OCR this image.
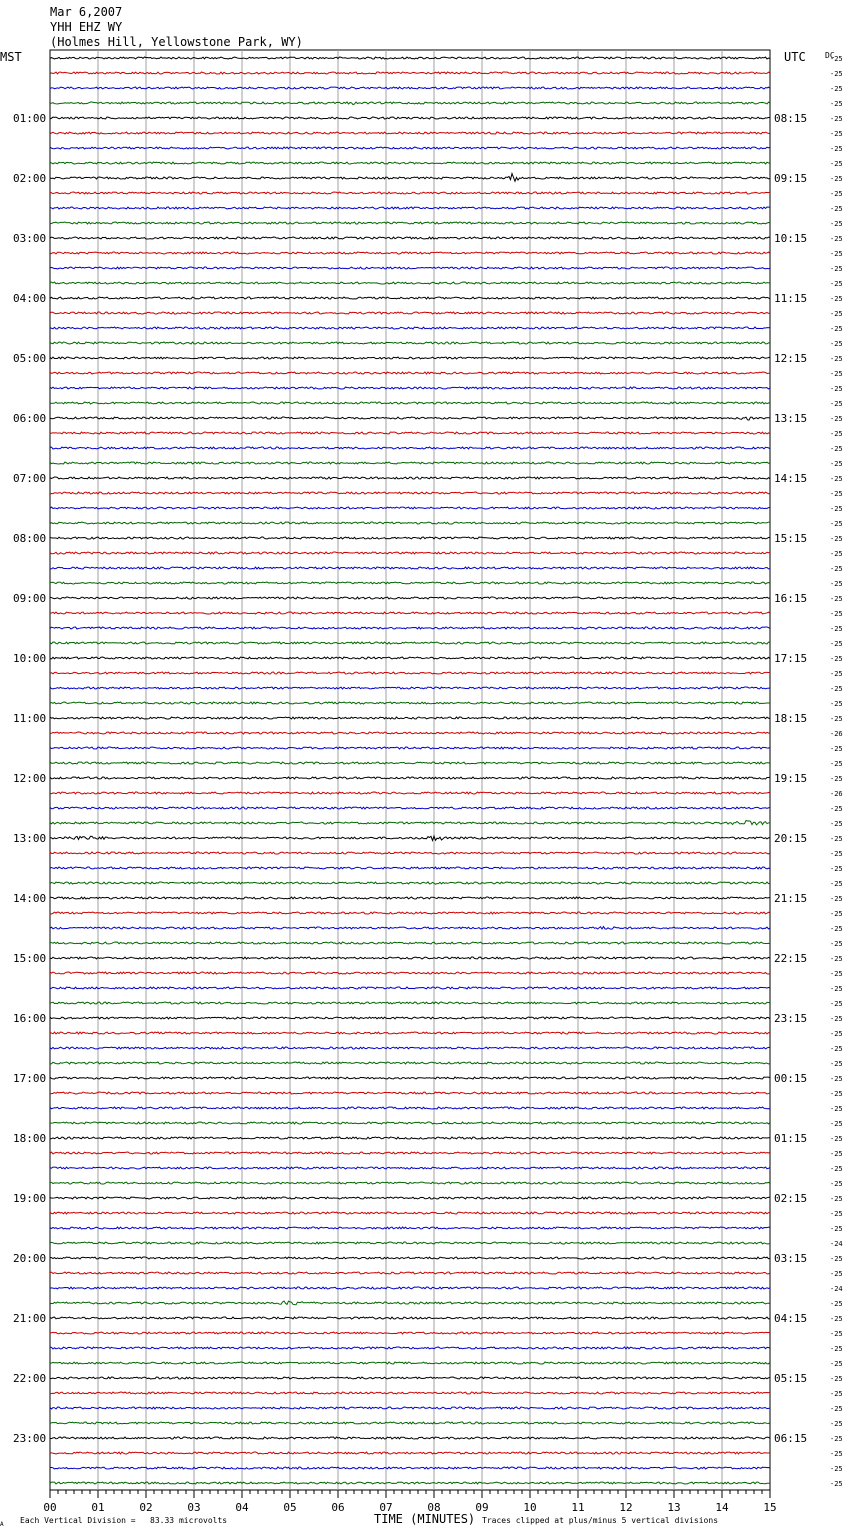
Mar 6,2007
YHH EHZ WY
(Holmes Hill, Yellowstone Park, WY)
MST	UTC DC
01:00
02:00
03:00
04:00
05:00
06:00
07:00
08:00
09:00
10:00
11:00
12:00
13:00
14:00
15:00
16:00
17:00
18:00
19:00
20:00
21:00
22:00
23:00
08:15
09:15
10:15
11:15
12:15
13:15
14:15
15:15
16:15
17:15
18:15
19:15
20:15
21:15
22:15
23:15
00:15
01:15
02:15
03:15
04:15
05:15
06:15
-25
-25
-25
-25
-25
-25
-25
-25
-25
-25
-25
-25
-25
-25
-25
-25
-25
-25
-25
-25
-25
-25
-25
-25
-25
-25
-25
-25
-25
-25
-25
-25
-25
-25
-25
-25
-25
-25
-25
-25
-25
-25
-25
-25
-25
-26
-25
-25
-25
-26
-25
-25
-25
-25
-25
-25
-25
-25
-25
-25
-25
-25
-25
-25
-25
-25
-25
-25
-25
-25
-25
-25
-25
-25
-25
-25
-25
-25
-25
-24
-25
-25
-24
-25
-25
-25
-25
-25
-25
-25
-25
-25
-25
-25
-25
-25
00	01	02	03	04	05	06	07	08	09	10	11	12	13	14	15
A Each Vertical Division =   83.33 microvolts	TIME (MINUTES) Traces clipped at plus/minus 5 vertical divisions
